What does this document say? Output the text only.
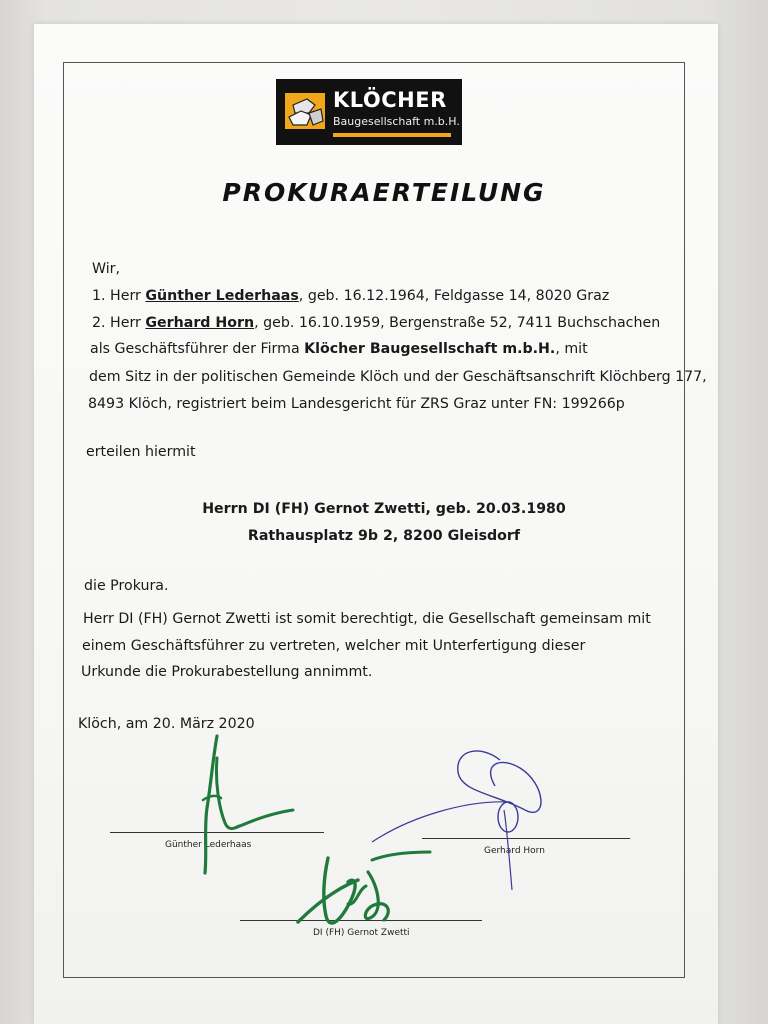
KLÖCHER
Baugesellschaft m.b.H.
PROKURAERTEILUNG
Wir,
1. Herr Günther Lederhaas, geb. 16.12.1964, Feldgasse 14, 8020 Graz
2. Herr Gerhard Horn, geb. 16.10.1959, Bergenstraße 52, 7411 Buchschachen
als Geschäftsführer der Firma Klöcher Baugesellschaft m.b.H., mit
dem Sitz in der politischen Gemeinde Klöch und der Geschäftsanschrift Klöchberg 177,
8493 Klöch, registriert beim Landesgericht für ZRS Graz unter FN: 199266p
erteilen hiermit
Herrn DI (FH) Gernot Zwetti, geb. 20.03.1980
Rathausplatz 9b 2, 8200 Gleisdorf
die Prokura.
Herr DI (FH) Gernot Zwetti ist somit berechtigt, die Gesellschaft gemeinsam mit
einem Geschäftsführer zu vertreten, welcher mit Unterfertigung dieser
Urkunde die Prokurabestellung annimmt.
Klöch, am 20. März 2020
Günther Lederhaas
Gerhard Horn
DI (FH) Gernot Zwetti
